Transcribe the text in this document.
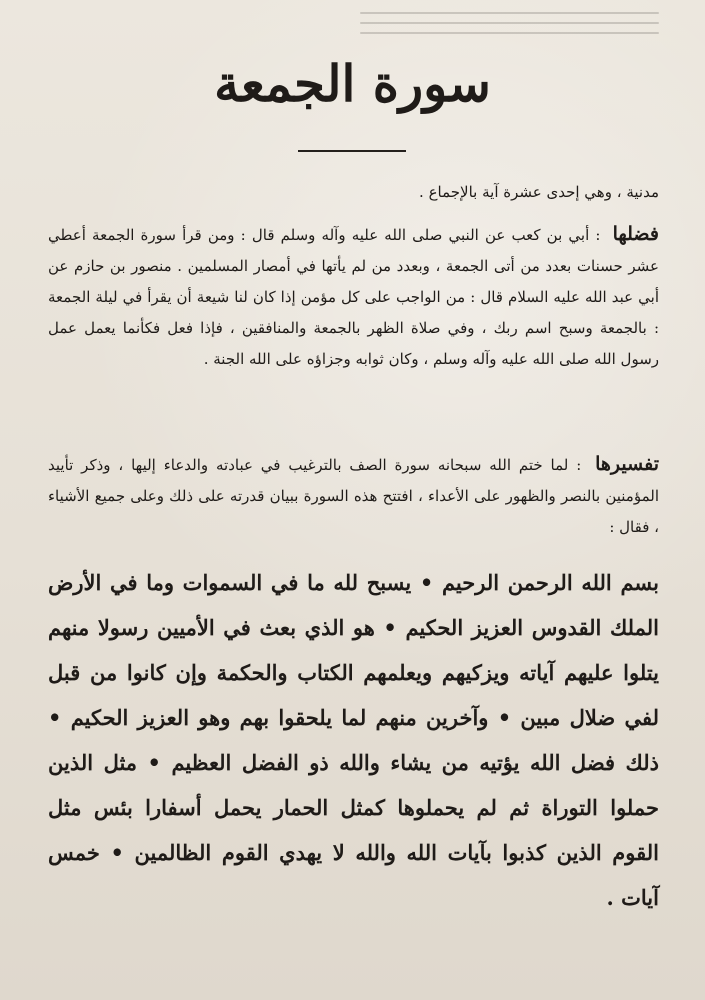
سورة الجمعة

مدنية ، وهي إحدى عشرة آية بالإجماع .

فضلها : أبي بن كعب عن النبي صلى الله عليه وآله وسلم قال : ومن قرأ سورة الجمعة أعطي عشر حسنات بعدد من أتى الجمعة ، وبعدد من لم يأتها في أمصار المسلمين . منصور بن حازم عن أبي عبد الله عليه السلام قال : من الواجب على كل مؤمن إذا كان لنا شيعة أن يقرأ في ليلة الجمعة : بالجمعة وسبح اسم ربك ، وفي صلاة الظهر بالجمعة والمنافقين ، فإذا فعل فكأنما يعمل عمل رسول الله صلى الله عليه وآله وسلم ، وكان ثوابه وجزاؤه على الله الجنة .

تفسيرها : لما ختم الله سبحانه سورة الصف بالترغيب في عبادته والدعاء إليها ، وذكر تأييد المؤمنين بالنصر والظهور على الأعداء ، افتتح هذه السورة ببيان قدرته على ذلك وعلى جميع الأشياء ، فقال :

بسم الله الرحمن الرحيم • يسبح لله ما في السموات وما في الأرض الملك القدوس العزيز الحكيم • هو الذي بعث في الأميين رسولا منهم يتلوا عليهم آياته ويزكيهم ويعلمهم الكتاب والحكمة وإن كانوا من قبل لفي ضلال مبين • وآخرين منهم لما يلحقوا بهم وهو العزيز الحكيم • ذلك فضل الله يؤتيه من يشاء والله ذو الفضل العظيم • مثل الذين حملوا التوراة ثم لم يحملوها كمثل الحمار يحمل أسفارا بئس مثل القوم الذين كذبوا بآيات الله والله لا يهدي القوم الظالمين • خمس آيات .
